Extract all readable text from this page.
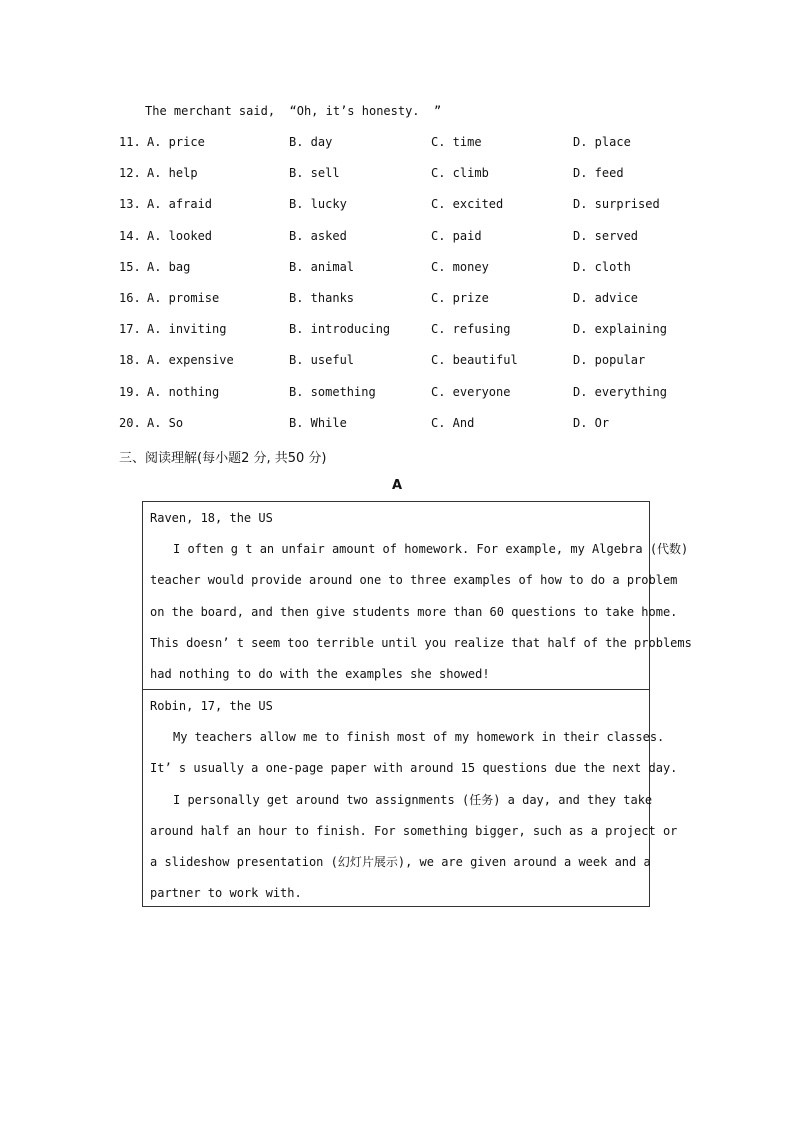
The merchant said,  “Oh, it’s honesty.  ”
11. A. price	B. day	C. time	D. place
12. A. help	B. sell	C. climb	D. feed
13. A. afraid	B. lucky	C. excited	D. surprised
14. A. looked	B. asked	C. paid	D. served
15. A. bag	B. animal	C. money	D. cloth
16. A. promise	B. thanks	C. prize	D. advice
17. A. inviting	B. introducing	C. refusing	D. explaining
18. A. expensive	B. useful	C. beautiful	D. popular
19. A. nothing	B. something	C. everyone	D. everything
20. A. So	B. While	C. And	D. Or
三、阅读理解(每小题2 分, 共50 分)
A
Raven, 18, the US
I often g t an unfair amount of homework. For example, my Algebra (代数)
teacher would provide around one to three examples of how to do a problem
on the board, and then give students more than 60 questions to take home.
This doesn’ t seem too terrible until you realize that half of the problems
had nothing to do with the examples she showed!
Robin, 17, the US
My teachers allow me to finish most of my homework in their classes.
It’ s usually a one-page paper with around 15 questions due the next day.
I personally get around two assignments (任务) a day, and they take
around half an hour to finish. For something bigger, such as a project or
a slideshow presentation (幻灯片展示), we are given around a week and a
partner to work with.
